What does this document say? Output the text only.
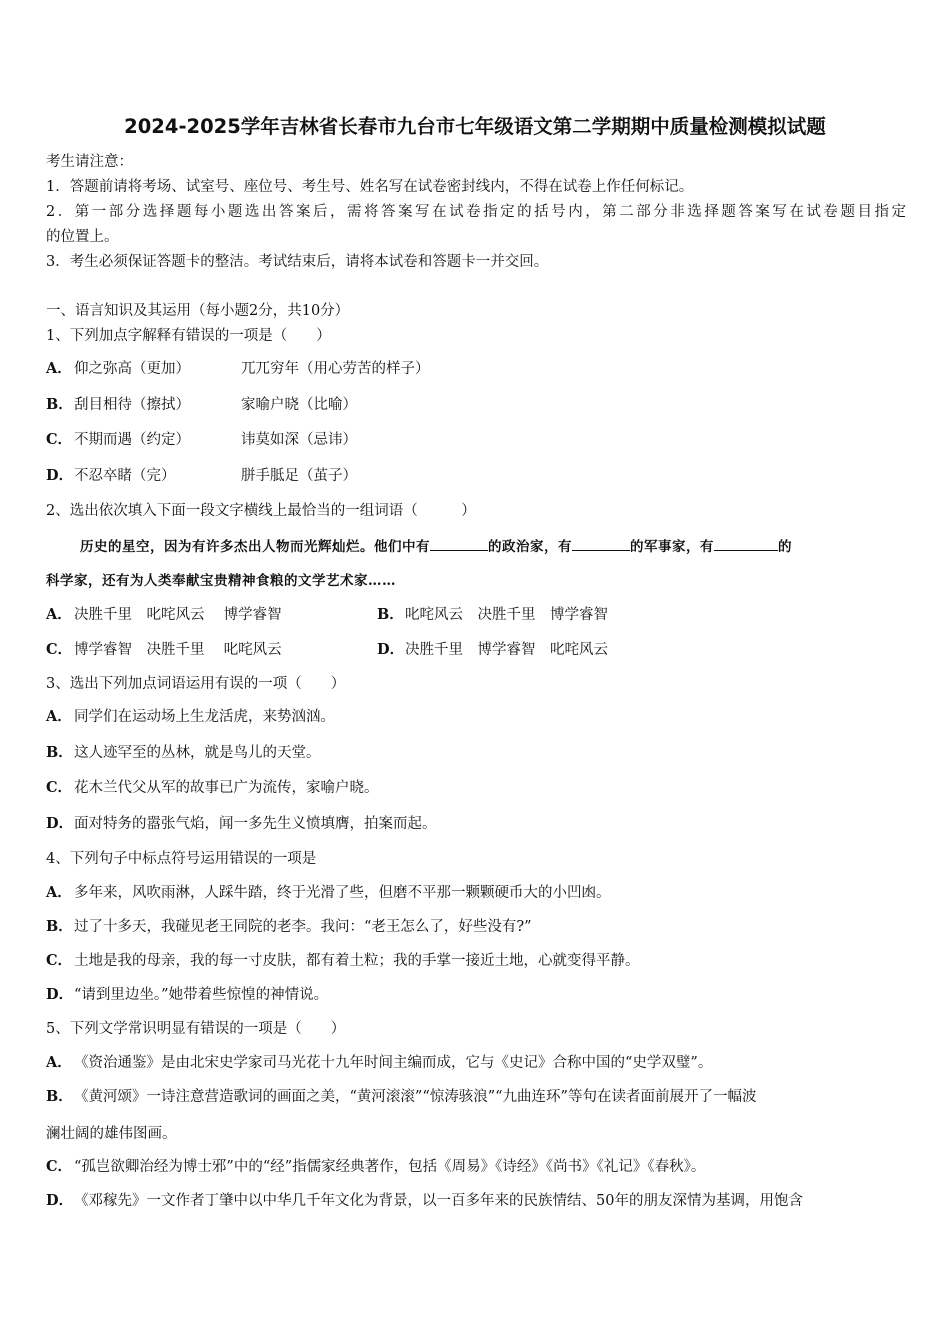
2024-2025学年吉林省长春市九台市七年级语文第二学期期中质量检测模拟试题
考生请注意：
1．答题前请将考场、试室号、座位号、考生号、姓名写在试卷密封线内，不得在试卷上作任何标记。
2．第一部分选择题每小题选出答案后，需将答案写在试卷指定的括号内，第二部分非选择题答案写在试卷题目指定
的位置上。
3．考生必须保证答题卡的整洁。考试结束后，请将本试卷和答题卡一并交回。
一、语言知识及其运用（每小题2分，共10分）
1、下列加点字解释有错误的一项是（　　）
A． 仰之弥高（更加）	兀兀穷年（用心劳苦的样子）
B．刮目相待（擦拭）	家喻户晓（比喻）
C． 不期而遇（约定）	讳莫如深（忌讳）
D．不忍卒睹（完）	胼手胝足（茧子）
2、选出依次填入下面一段文字横线上最恰当的一组词语（　　　）
历史的星空，因为有许多杰出人物而光辉灿烂。他们中有	的政治家，有	的军事家，有	的
科学家，还有为人类奉献宝贵精神食粮的文学艺术家……
A． 决胜千里　叱咤风云　 博学睿智	B．叱咤风云　决胜千里　博学睿智
C． 博学睿智　决胜千里　 叱咤风云	D．决胜千里　博学睿智　叱咤风云
3、选出下列加点词语运用有误的一项（　　）
A． 同学们在运动场上生龙活虎，来势汹汹。
B．这人迹罕至的丛林，就是鸟儿的天堂。
C． 花木兰代父从军的故事已广为流传，家喻户晓。
D．面对特务的嚣张气焰，闻一多先生义愤填膺，拍案而起。
4、下列句子中标点符号运用错误的一项是
A． 多年来，风吹雨淋，人踩牛踏，终于光滑了些，但磨不平那一颗颗硬币大的小凹凼。
B．过了十多天，我碰见老王同院的老李。我问：“老王怎么了，好些没有?”
C． 土地是我的母亲，我的每一寸皮肤，都有着土粒；我的手掌一接近土地，心就变得平静。
D．“请到里边坐。”她带着些惊惶的神情说。
5、下列文学常识明显有错误的一项是（　　）
A． 《资治通鉴》是由北宋史学家司马光花十九年时间主编而成，它与《史记》合称中国的“史学双璧”。
B．《黄河颂》一诗注意营造歌词的画面之美，“黄河滚滚”“惊涛骇浪”“九曲连环”等句在读者面前展开了一幅波
澜壮阔的雄伟图画。
C． “孤岂欲卿治经为博士邪”中的“经”指儒家经典著作，包括《周易》《诗经》《尚书》《礼记》《春秋》。
D．《邓稼先》一文作者丁肇中以中华几千年文化为背景，以一百多年来的民族情结、50年的朋友深情为基调，用饱含
